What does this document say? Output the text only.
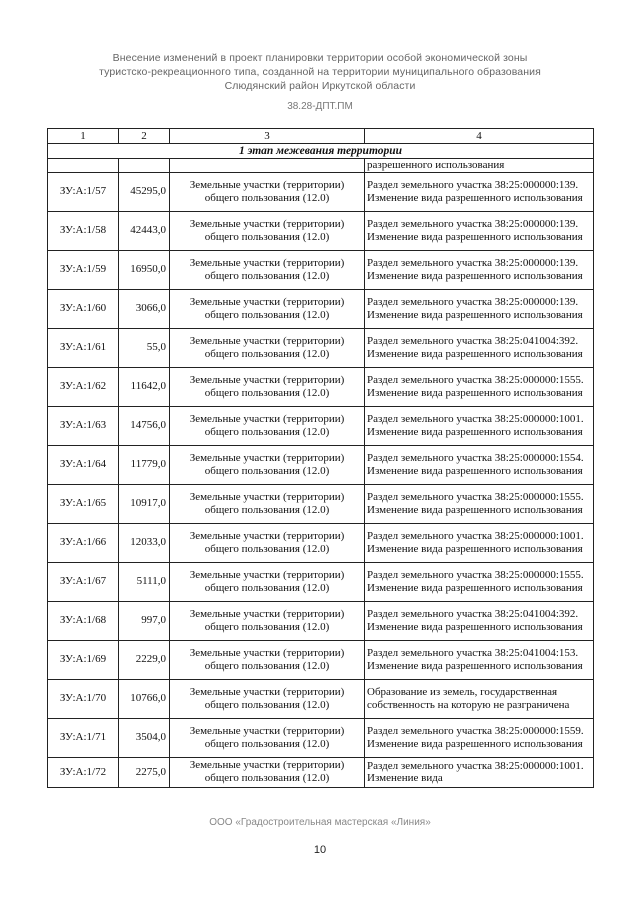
Внесение изменений в проект планировки территории особой экономической зоны
туристско-рекреационного типа, созданной на территории муниципального образования
Слюдянский район Иркутской области
38.28-ДПТ.ПМ
1	2	3	4
1 этап межевания территории			
			разрешенного использования
ЗУ:А:1/57	45295,0	Земельные участки (территории) общего пользования (12.0)	Раздел земельного участка 38:25:000000:139. Изменение вида разрешенного использования
ЗУ:А:1/58	42443,0	Земельные участки (территории) общего пользования (12.0)	Раздел земельного участка 38:25:000000:139. Изменение вида разрешенного использования
ЗУ:А:1/59	16950,0	Земельные участки (территории) общего пользования (12.0)	Раздел земельного участка 38:25:000000:139. Изменение вида разрешенного использования
ЗУ:А:1/60	3066,0	Земельные участки (территории) общего пользования (12.0)	Раздел земельного участка 38:25:000000:139. Изменение вида разрешенного использования
ЗУ:А:1/61	55,0	Земельные участки (территории) общего пользования (12.0)	Раздел земельного участка 38:25:041004:392. Изменение вида разрешенного использования
ЗУ:А:1/62	11642,0	Земельные участки (территории) общего пользования (12.0)	Раздел земельного участка 38:25:000000:1555. Изменение вида разрешенного использования
ЗУ:А:1/63	14756,0	Земельные участки (территории) общего пользования (12.0)	Раздел земельного участка 38:25:000000:1001. Изменение вида разрешенного использования
ЗУ:А:1/64	11779,0	Земельные участки (территории) общего пользования (12.0)	Раздел земельного участка 38:25:000000:1554. Изменение вида разрешенного использования
ЗУ:А:1/65	10917,0	Земельные участки (территории) общего пользования (12.0)	Раздел земельного участка 38:25:000000:1555. Изменение вида разрешенного использования
ЗУ:А:1/66	12033,0	Земельные участки (территории) общего пользования (12.0)	Раздел земельного участка 38:25:000000:1001. Изменение вида разрешенного использования
ЗУ:А:1/67	5111,0	Земельные участки (территории) общего пользования (12.0)	Раздел земельного участка 38:25:000000:1555. Изменение вида разрешенного использования
ЗУ:А:1/68	997,0	Земельные участки (территории) общего пользования (12.0)	Раздел земельного участка 38:25:041004:392. Изменение вида разрешенного использования
ЗУ:А:1/69	2229,0	Земельные участки (территории) общего пользования (12.0)	Раздел земельного участка 38:25:041004:153. Изменение вида разрешенного использования
ЗУ:А:1/70	10766,0	Земельные участки (территории) общего пользования (12.0)	Образование из земель, государственная собственность на которую не разграничена
ЗУ:А:1/71	3504,0	Земельные участки (территории) общего пользования (12.0)	Раздел земельного участка 38:25:000000:1559. Изменение вида разрешенного использования
ЗУ:А:1/72	2275,0	Земельные участки (территории) общего пользования (12.0)	Раздел земельного участка 38:25:000000:1001. Изменение вида
ООО «Градостроительная мастерская «Линия»
10
